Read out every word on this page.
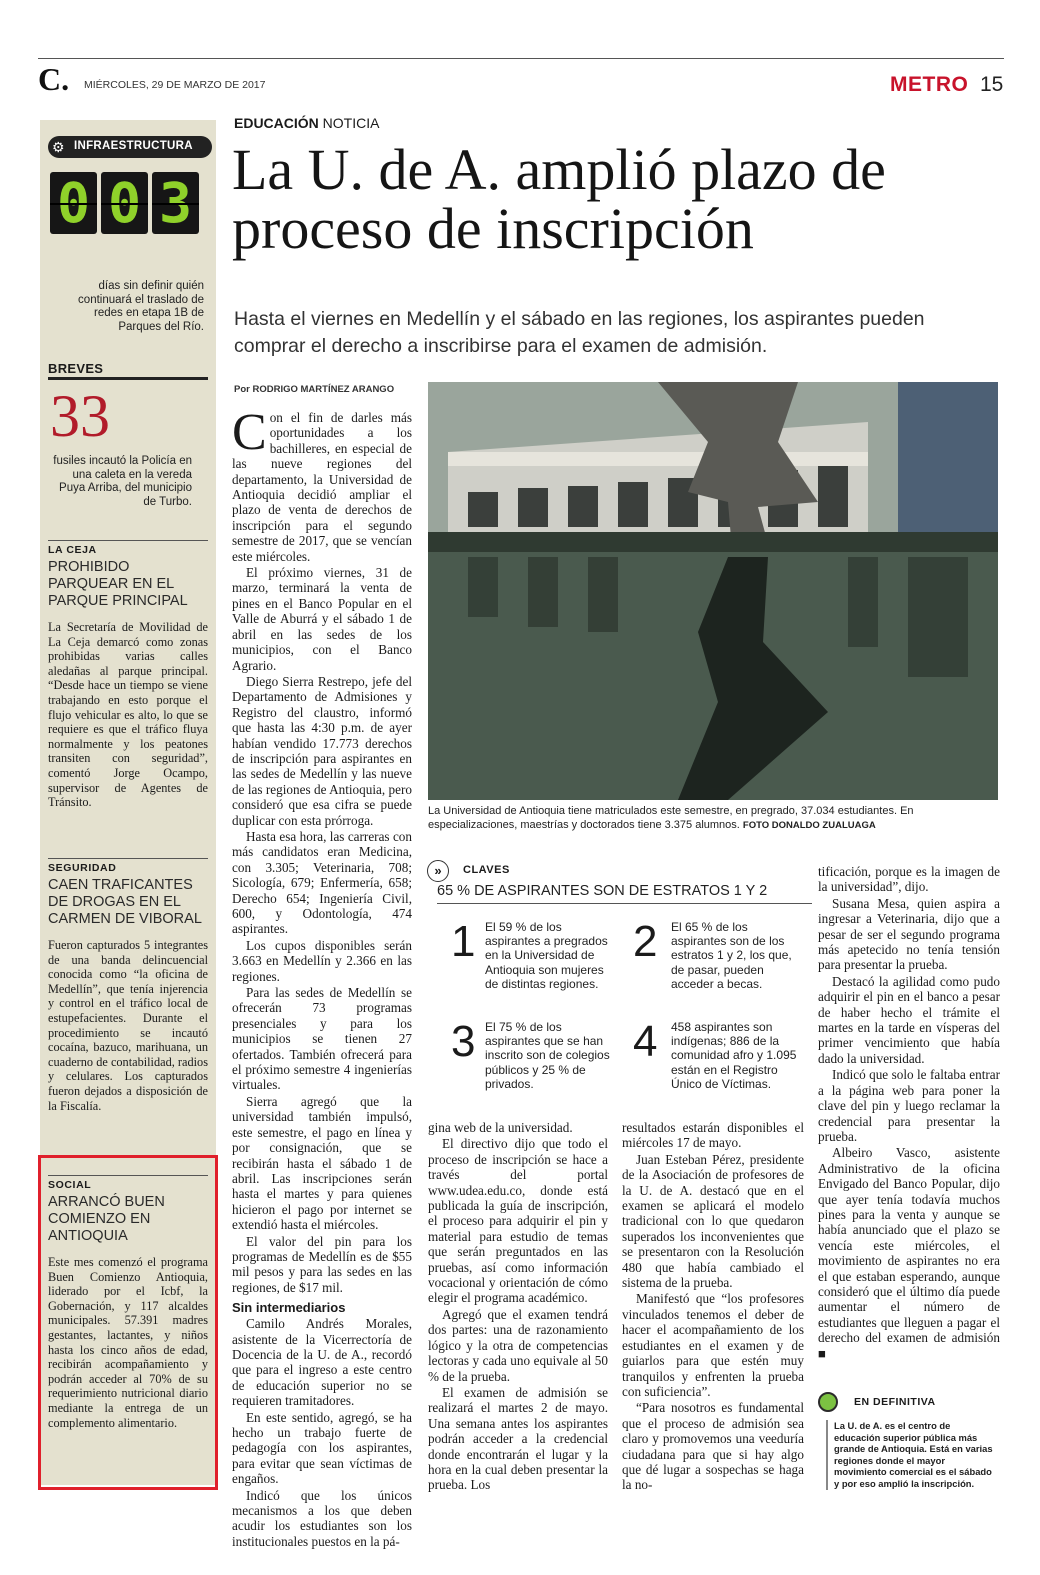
C. MIÉRCOLES, 29 DE MARZO DE 2017	METRO 15
⚙ INFRAESTRUCTURA
0 0 3
días sin definir quién continuará el traslado de redes en etapa 1B de Parques del Río.
BREVES
33
fusiles incautó la Policía en una caleta en la vereda Puya Arriba, del municipio de Turbo.
LA CEJA
PROHIBIDO PARQUEAR EN EL PARQUE PRINCIPAL
La Secretaría de Movilidad de La Ceja demarcó como zonas prohibidas varias calles aledañas al parque principal. “Desde hace un tiempo se viene trabajando en esto porque el flujo vehicular es alto, lo que se requiere es que el tráfico fluya normalmente y los peatones transiten con seguridad”, comentó Jorge Ocampo, supervisor de Agentes de Tránsito.
SEGURIDAD
CAEN TRAFICANTES DE DROGAS EN EL CARMEN DE VIBORAL
Fueron capturados 5 integrantes de una banda delincuencial conocida como “la oficina de Medellín”, que tenía injerencia y control en el tráfico local de estupefacientes. Durante el procedimiento se incautó cocaína, bazuco, marihuana, un cuaderno de contabilidad, radios y celulares. Los capturados fueron dejados a disposición de la Fiscalía.
SOCIAL
ARRANCÓ BUEN COMIENZO EN ANTIOQUIA
Este mes comenzó el programa Buen Comienzo Antioquia, liderado por el Icbf, la Gobernación, y 117 alcaldes municipales. 57.391 madres gestantes, lactantes, y niños hasta los cinco años de edad, recibirán acompañamiento y podrán acceder al 70% de su requerimiento nutricional diario mediante la entrega de un complemento alimentario.
EDUCACIÓN NOTICIA
La U. de A. amplió plazo de proceso de inscripción
Hasta el viernes en Medellín y el sábado en las regiones, los aspirantes pueden comprar el derecho a inscribirse para el examen de admisión.
Por RODRIGO MARTÍNEZ ARANGO
Con el fin de darles más oportunidades a los bachilleres, en especial de las nueve regiones del departamento, la Universidad de Antioquia decidió ampliar el plazo de venta de derechos de inscripción para el segundo semestre de 2017, que se vencían este miércoles.
El próximo viernes, 31 de marzo, terminará la venta de pines en el Banco Popular en el Valle de Aburrá y el sábado 1 de abril en las sedes de los municipios, con el Banco Agrario.
Diego Sierra Restrepo, jefe del Departamento de Admisiones y Registro del claustro, informó que hasta las 4:30 p.m. de ayer habían vendido 17.773 derechos de inscripción para aspirantes en las sedes de Medellín y las nueve de las regiones de Antioquia, pero consideró que esa cifra se puede duplicar con esta prórroga.
Hasta esa hora, las carreras con más candidatos eran Medicina, con 3.305; Veterinaria, 708; Sicología, 679; Enfermería, 658; Derecho 654; Ingeniería Civil, 600, y Odontología, 474 aspirantes.
Los cupos disponibles serán 3.663 en Medellín y 2.366 en las regiones.
Para las sedes de Medellín se ofrecerán 73 programas presenciales y para los municipios se tienen 27 ofertados. También ofrecerá para el próximo semestre 4 ingenierías virtuales.
Sierra agregó que la universidad también impulsó, este semestre, el pago en línea y por consignación, que se recibirán hasta el sábado 1 de abril. Las inscripciones serán hasta el martes y para quienes hicieron el pago por internet se extendió hasta el miércoles.
El valor del pin para los programas de Medellín es de $55 mil pesos y para las sedes en las regiones, de $17 mil.
Sin intermediarios
Camilo Andrés Morales, asistente de la Vicerrectoría de Docencia de la U. de A., recordó que para el ingreso a este centro de educación superior no se requieren tramitadores.
En este sentido, agregó, se ha hecho un trabajo fuerte de pedagogía con los aspirantes, para evitar que sean víctimas de engaños.
Indicó que los únicos mecanismos a los que deben acudir los estudiantes son los institucionales puestos en la pá-
La Universidad de Antioquia tiene matriculados este semestre, en pregrado, 37.034 estudiantes. En especializaciones, maestrías y doctorados tiene 3.375 alumnos. FOTO DONALDO ZUALUAGA
»	CLAVES
65 % DE ASPIRANTES SON DE ESTRATOS 1 Y 2
1 El 59 % de los aspirantes a pregrados en la Universidad de Antioquia son mujeres de distintas regiones.
2 El 65 % de los aspirantes son de los estratos 1 y 2, los que, de pasar, pueden acceder a becas.
3 El 75 % de los aspirantes que se han inscrito son de colegios públicos y 25 % de privados.
4 458 aspirantes son indígenas; 886 de la comunidad afro y 1.095 están en el Registro Único de Víctimas.
gina web de la universidad.
El directivo dijo que todo el proceso de inscripción se hace a través del portal www.udea.edu.co, donde está publicada la guía de inscripción, el proceso para adquirir el pin y material para estudio de temas que serán preguntados en las pruebas, así como información vocacional y orientación de cómo elegir el programa académico.
Agregó que el examen tendrá dos partes: una de razonamiento lógico y la otra de competencias lectoras y cada uno equivale al 50 % de la prueba.
El examen de admisión se realizará el martes 2 de mayo. Una semana antes los aspirantes podrán acceder a la credencial donde encontrarán el lugar y la hora en la cual deben presentar la prueba. Los
resultados estarán disponibles el miércoles 17 de mayo.
Juan Esteban Pérez, presidente de la Asociación de profesores de la U. de A. destacó que en el examen se aplicará el modelo tradicional con lo que quedaron superados los inconvenientes que se presentaron con la Resolución 480 que había cambiado el sistema de la prueba.
Manifestó que “los profesores vinculados tenemos el deber de hacer el acompañamiento de los estudiantes en el examen y de guiarlos para que estén muy tranquilos y enfrenten la prueba con suficiencia”.
“Para nosotros es fundamental que el proceso de admisión sea claro y promovemos una veeduría ciudadana para que si hay algo que dé lugar a sospechas se haga la no-
tificación, porque es la imagen de la universidad”, dijo.
Susana Mesa, quien aspira a ingresar a Veterinaria, dijo que a pesar de ser el segundo programa más apetecido no tenía tensión para presentar la prueba.
Destacó la agilidad como pudo adquirir el pin en el banco a pesar de haber hecho el trámite el martes en la tarde en vísperas del primer vencimiento que había dado la universidad.
Indicó que solo le faltaba entrar a la página web para poner la clave del pin y luego reclamar la credencial para presentar la prueba.
Albeiro Vasco, asistente Administrativo de la oficina Envigado del Banco Popular, dijo que ayer tenía todavía muchos pines para la venta y aunque se había anunciado que el plazo se vencía este miércoles, el movimiento de aspirantes no era el que estaban esperando, aunque consideró que el último día puede aumentar el número de estudiantes que lleguen a pagar el derecho del examen de admisión ■
EN DEFINITIVA
La U. de A. es el centro de educación superior pública más grande de Antioquia. Está en varias regiones donde el mayor movimiento comercial es el sábado y por eso amplió la inscripción.
